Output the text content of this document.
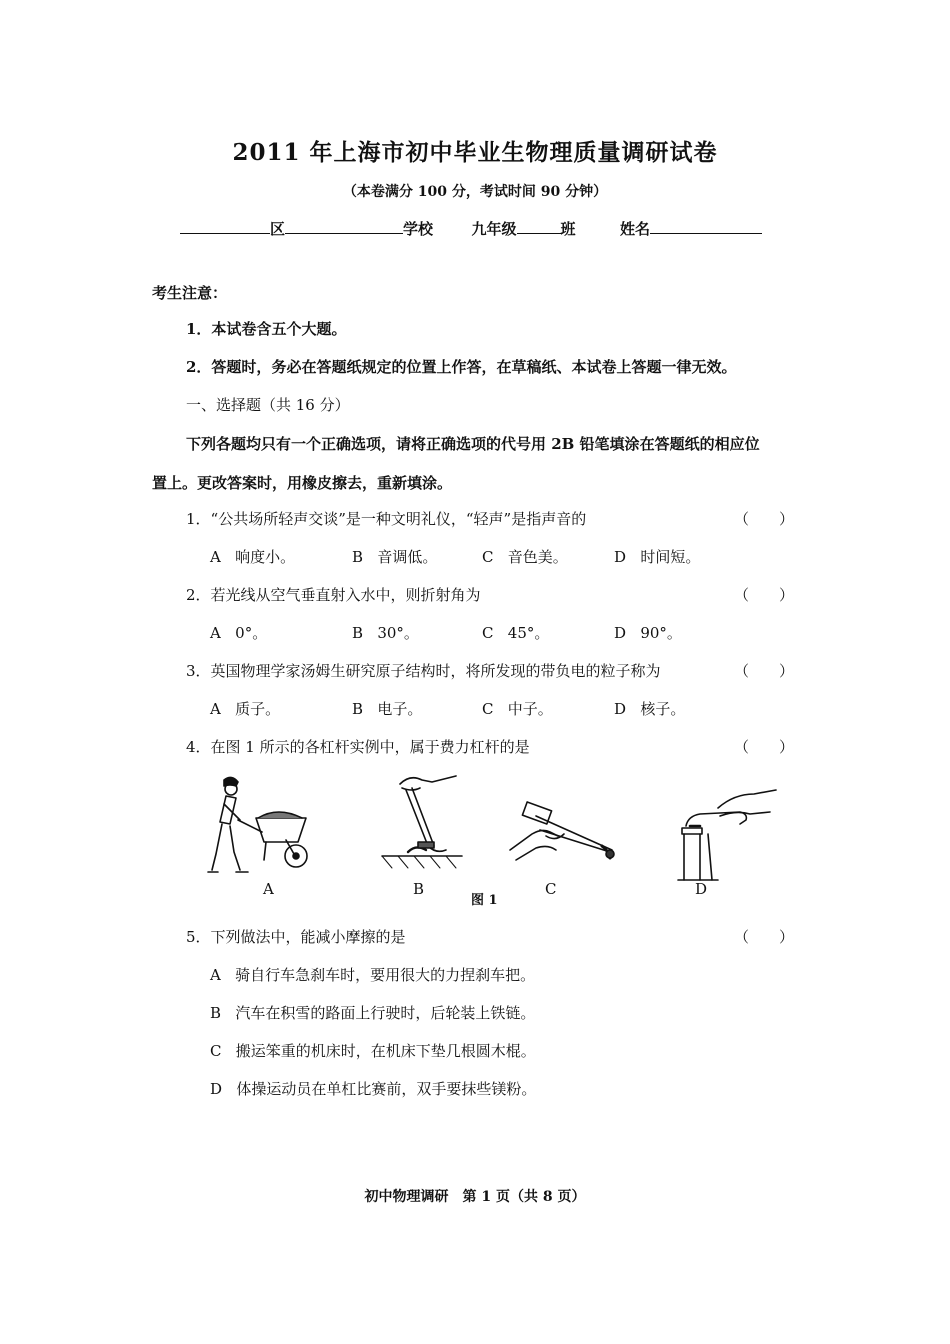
2011 年上海市初中毕业生物理质量调研试卷
（本卷满分 100 分，考试时间 90 分钟）
区	学校	九年级	班	姓名
考生注意：
1．本试卷含五个大题。
2．答题时，务必在答题纸规定的位置上作答，在草稿纸、本试卷上答题一律无效。
一、选择题（共 16 分）
下列各题均只有一个正确选项，请将正确选项的代号用 2B 铅笔填涂在答题纸的相应位
置上。更改答案时，用橡皮擦去，重新填涂。
1．“公共场所轻声交谈”是一种文明礼仪，“轻声”是指声音的	（　　）
A 响度小。	B 音调低。	C 音色美。	D 时间短。
2．若光线从空气垂直射入水中，则折射角为	（　　）
A 0°。	B 30°。	C 45°。	D 90°。
3．英国物理学家汤姆生研究原子结构时，将所发现的带负电的粒子称为	（　　）
A 质子。	B 电子。	C 中子。	D 核子。
4．在图 1 所示的各杠杆实例中，属于费力杠杆的是	（　　）
A	B	C	D
图 1
5．下列做法中，能减小摩擦的是	（　　）
A 骑自行车急刹车时，要用很大的力捏刹车把。
B 汽车在积雪的路面上行驶时，后轮装上铁链。
C 搬运笨重的机床时，在机床下垫几根圆木棍。
D 体操运动员在单杠比赛前，双手要抹些镁粉。
初中物理调研　第 1 页（共 8 页）
